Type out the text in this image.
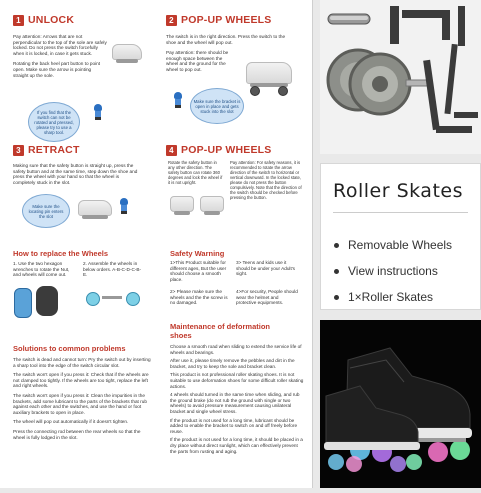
1 UNLOCK
Pay attention: Arrows that are not perpendicular to the top of the sole are safely locked. Do not press the switch forcefully when it is locked, in case it gets stuck.
Rotating the back heel part button to point open. Make sure the arrow is pointing straight up the sole.
If you find that the switch can not be rotated and pressed, please try to use a sharp tool.
2 POP-UP WHEELS
The switch is in the right direction. Press the switch to the shoe and the wheel will pop out.
Pay attention: there should be enough space between the wheel and the ground for the wheel to pop out.
Make sure the bracket is open in place and gets stuck into the slot
3 RETRACT
Making sure that the safety button is straight up, press the safety button and at the same time, step down the shoe and press the wheel with your hand so that the wheel is completely stuck in the slot.
Make sure the locating pin enters the slot
4 POP-UP WHEELS
Rotate the safety button in any other direction. The safety button can rotate 360 degrees and lock the wheel if it is not upright.
Pay attention: For safety reasons, it is recommended to rotate the arrow direction of the switch to horizontal or vertical downward. In the locked state, please do not press the button compulsively. Note that the direction of the switch should be checked before pressing the button.
How to replace the Wheels
1. Use the two hexagon wrenches to rotate the Nut, and wheels will come out.
2. Assemble the wheels in below orders. A-B-C-D-C-B-E.
Safety Warning
1>This Product suitable for different ages, But the user should choose a smooth place.
3> Teens and kids use it should be under your Adult's sight.
2> Please make sure the wheels and the the screw is no damaged.
4>For security, People should wear the helmet and protective equipments.
Solutions to common problems
The switch is dead and cannot turn: Pry the switch out by inserting a sharp tool into the edge of the switch circular slot.
The switch won't open if you press it: Check that if the wheels are not clamped too tightly. If the wheels are too tight, replace the left and right wheels.
The switch won't open if you press it: Clean the impurities in the brackets, add some lubricant to the parts of the brackets that rub against each other and the switches, and use the hand or foot auxiliary brackets to open in place.
The wheel will pop out automatically if it doesn't tighten.
Press the connecting rod between the rear wheels so that the wheel is fully lodged in the slot.
Maintenance of deformation shoes
Choose a smooth road when sliding to extend the service life of wheels and bearings.
After use it, please timely remove the pebbles and dirt in the bracket, and try to keep the sole and bracket clean.
This product is not professional roller skating shoes. It is not suitable to use deformation shoes for some difficult roller skating actions.
4 wheels should turned in the same time when sliding, and rub the ground brake (do not rub the ground with single or two wheels) to avoid pressure measurement causing unilateral bracket and single wheel stress.
If the product is not used for a long time, lubricant should be added to enable the bracket to switch on and off freely before reuse.
If the product is not used for a long time, it should be placed in a dry place without direct sunlight, which can effectively prevent the parts from rusting and aging.
Roller Skates
Removable Wheels
View instructions
1×Roller Skates
